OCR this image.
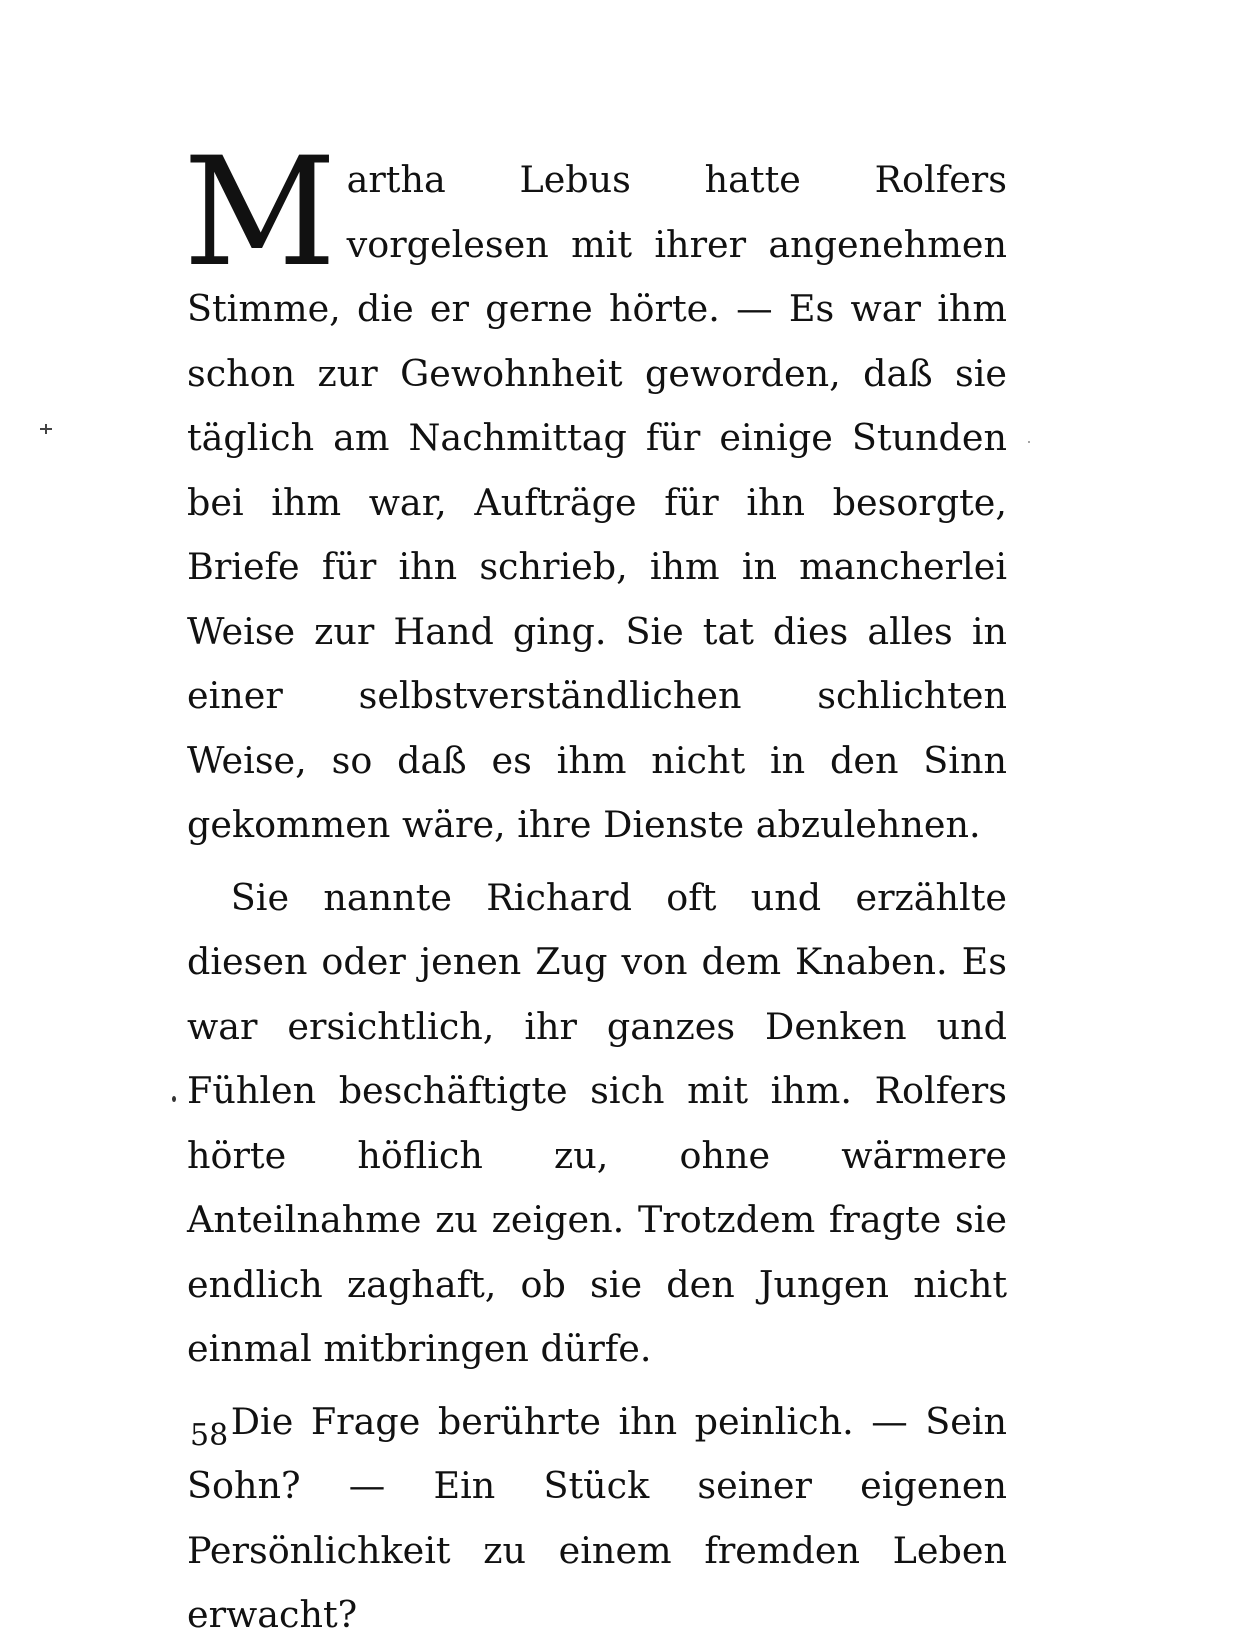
Martha Lebus hatte Rolfers vorgelesen mit ihrer angenehmen Stimme, die er gerne hörte. — Es war ihm schon zur Gewohnheit geworden, daß sie täglich am Nachmittag für einige Stunden bei ihm war, Aufträge für ihn besorgte, Briefe für ihn schrieb, ihm in mancherlei Weise zur Hand ging. Sie tat dies alles in einer selbstverständlichen schlichten Weise, so daß es ihm nicht in den Sinn gekommen wäre, ihre Dienste abzulehnen.

Sie nannte Richard oft und erzählte diesen oder jenen Zug von dem Knaben. Es war ersichtlich, ihr ganzes Denken und Fühlen beschäftigte sich mit ihm. Rolfers hörte höflich zu, ohne wärmere Anteilnahme zu zeigen. Trotzdem fragte sie endlich zaghaft, ob sie den Jungen nicht einmal mitbringen dürfe.

Die Frage berührte ihn peinlich. — Sein Sohn? — Ein Stück seiner eigenen Persönlichkeit zu einem fremden Leben erwacht?

58
